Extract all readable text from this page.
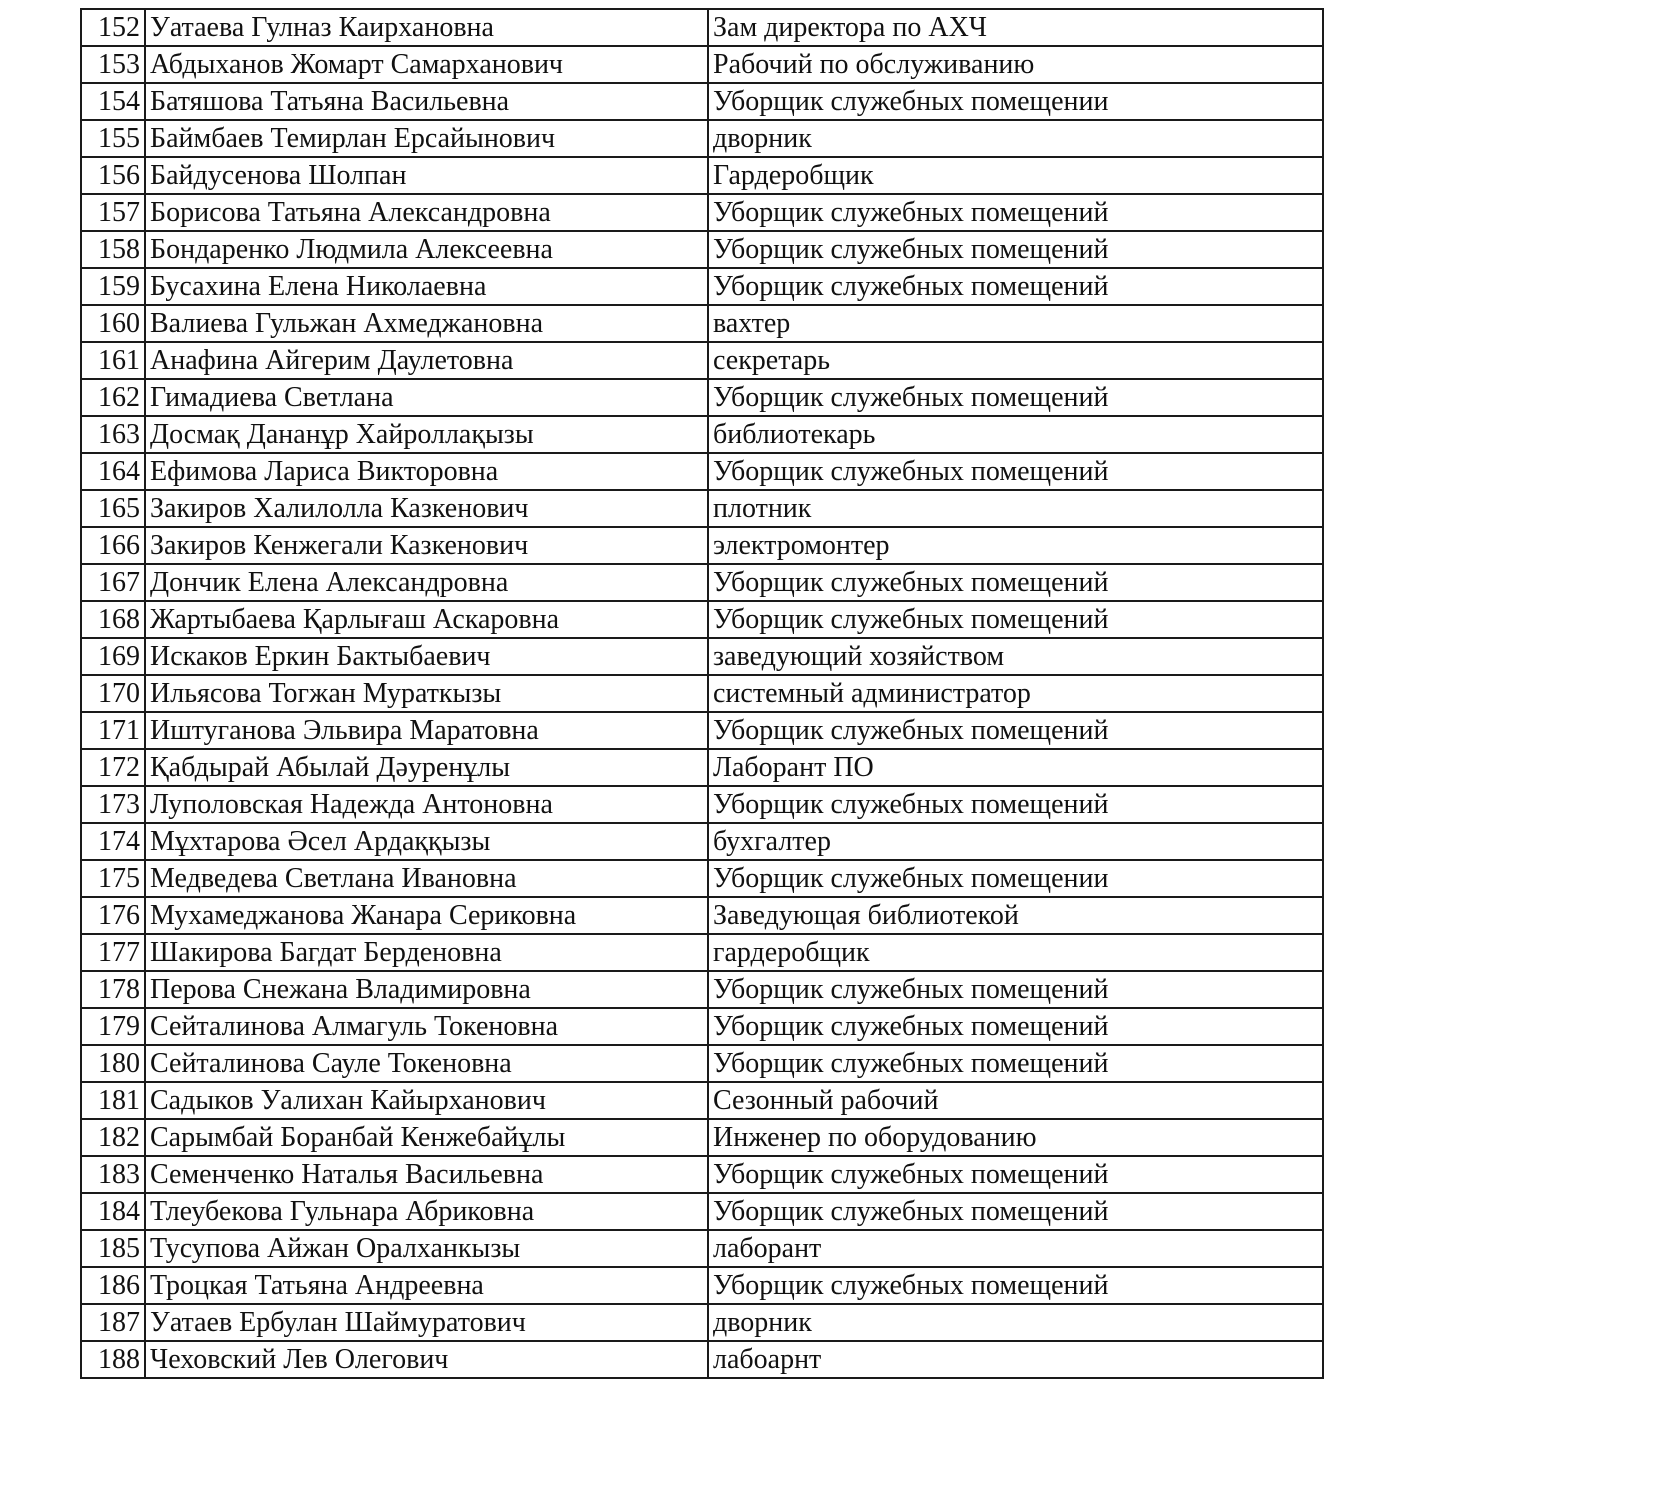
152	Уатаева Гулназ Каирхановна	Зам директора по АХЧ
153	Абдыханов Жомарт Самарханович	Рабочий по обслуживанию
154	Батяшова Татьяна Васильевна	Уборщик служебных помещении
155	Баймбаев Темирлан Ерсайынович	дворник
156	Байдусенова Шолпан	Гардеробщик
157	Борисова Татьяна Александровна	Уборщик служебных помещений
158	Бондаренко Людмила Алексеевна	Уборщик служебных помещений
159	Бусахина Елена Николаевна	Уборщик служебных помещений
160	Валиева Гульжан Ахмеджановна	вахтер
161	Анафина Айгерим Даулетовна	секретарь
162	Гимадиева Светлана	Уборщик служебных помещений
163	Досмақ Дананұр Хайроллақызы	библиотекарь
164	Ефимова Лариса Викторовна	Уборщик служебных помещений
165	Закиров Халилолла Казкенович	плотник
166	Закиров Кенжегали Казкенович	электромонтер
167	Дончик Елена Александровна	Уборщик служебных помещений
168	Жартыбаева Қарлығаш Аскаровна	Уборщик служебных помещений
169	Искаков Еркин Бактыбаевич	заведующий хозяйством
170	Ильясова Тогжан Мураткызы	системный администратор
171	Иштуганова Эльвира Маратовна	Уборщик служебных помещений
172	Қабдырай Абылай Дәуренұлы	Лаборант ПО
173	Луполовская Надежда Антоновна	Уборщик служебных помещений
174	Мұхтарова Әсел Ардаққызы	бухгалтер
175	Медведева Светлана Ивановна	Уборщик служебных помещении
176	Мухамеджанова Жанара Сериковна	Заведующая библиотекой
177	Шакирова Багдат Берденовна	гардеробщик
178	Перова Снежана Владимировна	Уборщик служебных помещений
179	Сейталинова Алмагуль Токеновна	Уборщик служебных помещений
180	Сейталинова Сауле Токеновна	Уборщик служебных помещений
181	Садыков Уалихан Кайырханович	Сезонный рабочий
182	Сарымбай Боранбай Кенжебайұлы	Инженер по оборудованию
183	Семенченко Наталья Васильевна	Уборщик служебных помещений
184	Тлеубекова Гульнара Абриковна	Уборщик служебных помещений
185	Тусупова Айжан Оралханкызы	лаборант
186	Троцкая Татьяна Андреевна	Уборщик служебных помещений
187	Уатаев Ербулан Шаймуратович	дворник
188	Чеховский Лев Олегович	лабоарнт
